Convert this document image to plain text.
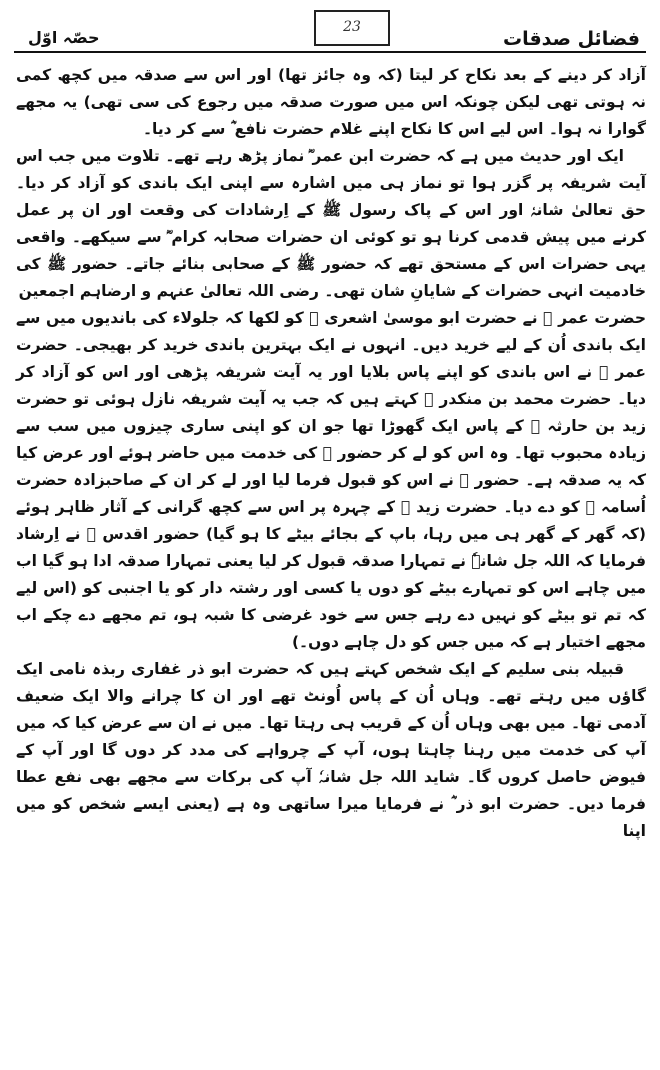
فضائل صدقات
23
حصّہ اوّل

آزاد کر دینے کے بعد نکاح کر لیتا (کہ وہ جائز تھا) اور اس سے صدقہ میں کچھ کمی نہ ہوتی تھی لیکن چونکہ اس میں صورت صدقہ میں رجوع کی سی تھی) یہ مجھے گوارا نہ ہوا۔ اس لیے اس کا نکاح اپنے غلام حضرت نافع ؓ سے کر دیا۔

ایک اور حدیث میں ہے کہ حضرت ابن عمر ؓ نماز پڑھ رہے تھے۔ تلاوت میں جب اس آیت شریفہ پر گزر ہوا تو نماز ہی میں اشارہ سے اپنی ایک باندی کو آزاد کر دیا۔ حق تعالیٰ شانہٗ اور اس کے پاک رسول ﷺ کے اِرشادات کی وقعت اور ان پر عمل کرنے میں پیش قدمی کرنا ہو تو کوئی ان حضرات صحابہ کرام ؓ سے سیکھے۔ واقعی یہی حضرات اس کے مستحق تھے کہ حضور ﷺ کے صحابی بنائے جاتے۔ حضور ﷺ کی خادمیت انہی حضرات کے شایانِ شان تھی۔ رضی اللہ تعالیٰ عنہم و ارضاہم اجمعین

حضرت عمر ؓ نے حضرت ابو موسیٰ اشعری ؓ کو لکھا کہ جلولاء کی باندیوں میں سے ایک باندی اُن کے لیے خرید دیں۔ انہوں نے ایک بہترین باندی خرید کر بھیجی۔ حضرت عمر ؓ نے اس باندی کو اپنے پاس بلایا اور یہ آیت شریفہ پڑھی اور اس کو آزاد کر دیا۔ حضرت محمد بن منکدر ؒ کہتے ہیں کہ جب یہ آیت شریفہ نازل ہوئی تو حضرت زید بن حارثہ ؓ کے پاس ایک گھوڑا تھا جو ان کو اپنی ساری چیزوں میں سب سے زیادہ محبوب تھا۔ وہ اس کو لے کر حضور ﷺ کی خدمت میں حاضر ہوئے اور عرض کیا کہ یہ صدقہ ہے۔ حضور ﷺ نے اس کو قبول فرما لیا اور لے کر ان کے صاحبزادہ حضرت اُسامہ ؓ کو دے دیا۔ حضرت زید ؓ کے چہرہ پر اس سے کچھ گرانی کے آثار ظاہر ہوئے (کہ گھر کے گھر ہی میں رہا، باپ کے بجائے بیٹے کا ہو گیا) حضور اقدس ﷺ نے اِرشاد فرمایا کہ اللہ جل شانہٗ نے تمہارا صدقہ قبول کر لیا یعنی تمہارا صدقہ ادا ہو گیا اب میں چاہے اس کو تمہارے بیٹے کو دوں یا کسی اور رشتہ دار کو یا اجنبی کو (اس لیے کہ تم تو بیٹے کو نہیں دے رہے جس سے خود غرضی کا شبہ ہو، تم مجھے دے چکے اب مجھے اختیار ہے کہ میں جس کو دل چاہے دوں۔)

قبیلہ بنی سلیم کے ایک شخص کہتے ہیں کہ حضرت ابو ذر غفاری ربذہ نامی ایک گاؤں میں رہتے تھے۔ وہاں اُن کے پاس اُونٹ تھے اور ان کا چرانے والا ایک ضعیف آدمی تھا۔ میں بھی وہاں اُن کے قریب ہی رہتا تھا۔ میں نے ان سے عرض کیا کہ میں آپ کی خدمت میں رہنا چاہتا ہوں، آپ کے چرواہے کی مدد کر دوں گا اور آپ کے فیوض حاصل کروں گا۔ شاید اللہ جل شانہٗ آپ کی برکات سے مجھے بھی نفع عطا فرما دیں۔ حضرت ابو ذر ؓ نے فرمایا میرا ساتھی وہ ہے (یعنی ایسے شخص کو میں اپنا
